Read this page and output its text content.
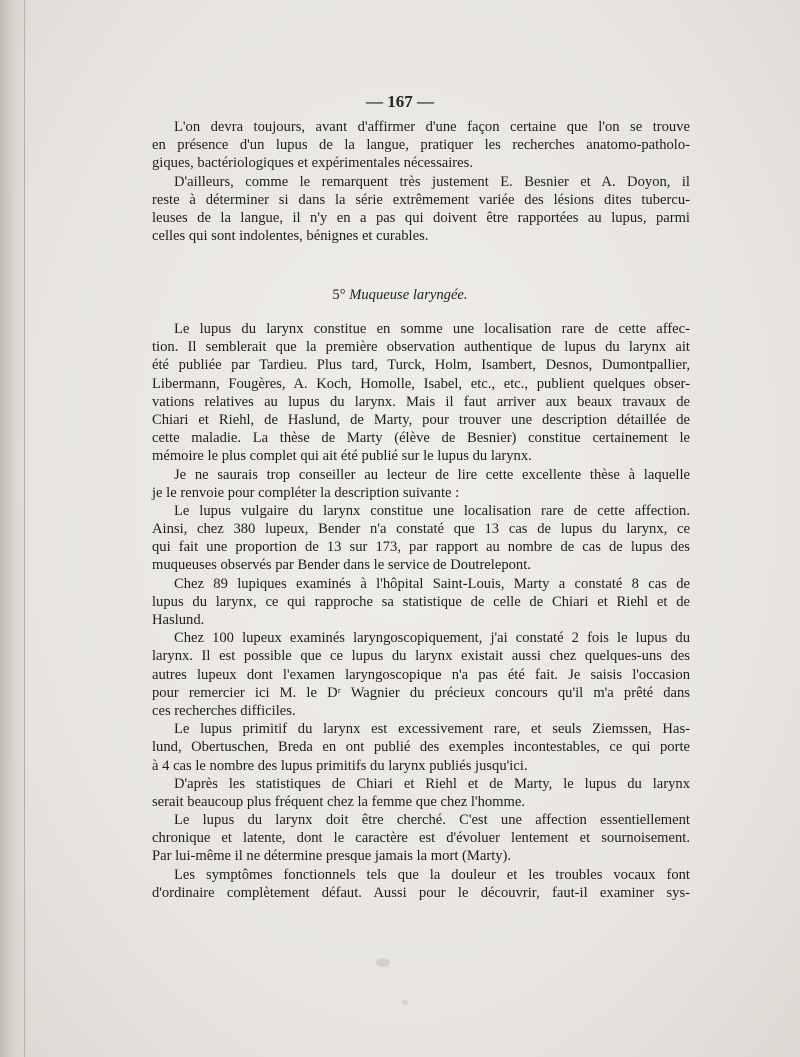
— 167 —
L'on devra toujours, avant d'affirmer d'une façon certaine que l'on se trouve
en présence d'un lupus de la langue, pratiquer les recherches anatomo-patholo-
giques, bactériologiques et expérimentales nécessaires.
D'ailleurs, comme le remarquent très justement E. Besnier et A. Doyon, il
reste à déterminer si dans la série extrêmement variée des lésions dites tubercu-
leuses de la langue, il n'y en a pas qui doivent être rapportées au lupus, parmi
celles qui sont indolentes, bénignes et curables.
5° Muqueuse laryngée.
Le lupus du larynx constitue en somme une localisation rare de cette affec-
tion. Il semblerait que la première observation authentique de lupus du larynx ait
été publiée par Tardieu. Plus tard, Turck, Holm, Isambert, Desnos, Dumontpallier,
Libermann, Fougères, A. Koch, Homolle, Isabel, etc., etc., publient quelques obser-
vations relatives au lupus du larynx. Mais il faut arriver aux beaux travaux de
Chiari et Riehl, de Haslund, de Marty, pour trouver une description détaillée de
cette maladie. La thèse de Marty (élève de Besnier) constitue certainement le
mémoire le plus complet qui ait été publié sur le lupus du larynx.
Je ne saurais trop conseiller au lecteur de lire cette excellente thèse à laquelle
je le renvoie pour compléter la description suivante :
Le lupus vulgaire du larynx constitue une localisation rare de cette affection.
Ainsi, chez 380 lupeux, Bender n'a constaté que 13 cas de lupus du larynx, ce
qui fait une proportion de 13 sur 173, par rapport au nombre de cas de lupus des
muqueuses observés par Bender dans le service de Doutrelepont.
Chez 89 lupiques examinés à l'hôpital Saint-Louis, Marty a constaté 8 cas de
lupus du larynx, ce qui rapproche sa statistique de celle de Chiari et Riehl et de
Haslund.
Chez 100 lupeux examinés laryngoscopiquement, j'ai constaté 2 fois le lupus du
larynx. Il est possible que ce lupus du larynx existait aussi chez quelques-uns des
autres lupeux dont l'examen laryngoscopique n'a pas été fait. Je saisis l'occasion
pour remercier ici M. le Dʳ Wagnier du précieux concours qu'il m'a prêté dans
ces recherches difficiles.
Le lupus primitif du larynx est excessivement rare, et seuls Ziemssen, Has-
lund, Obertuschen, Breda en ont publié des exemples incontestables, ce qui porte
à 4 cas le nombre des lupus primitifs du larynx publiés jusqu'ici.
D'après les statistiques de Chiari et Riehl et de Marty, le lupus du larynx
serait beaucoup plus fréquent chez la femme que chez l'homme.
Le lupus du larynx doit être cherché. C'est une affection essentiellement
chronique et latente, dont le caractère est d'évoluer lentement et sournoisement.
Par lui-même il ne détermine presque jamais la mort (Marty).
Les symptômes fonctionnels tels que la douleur et les troubles vocaux font
d'ordinaire complètement défaut. Aussi pour le découvrir, faut-il examiner sys-
